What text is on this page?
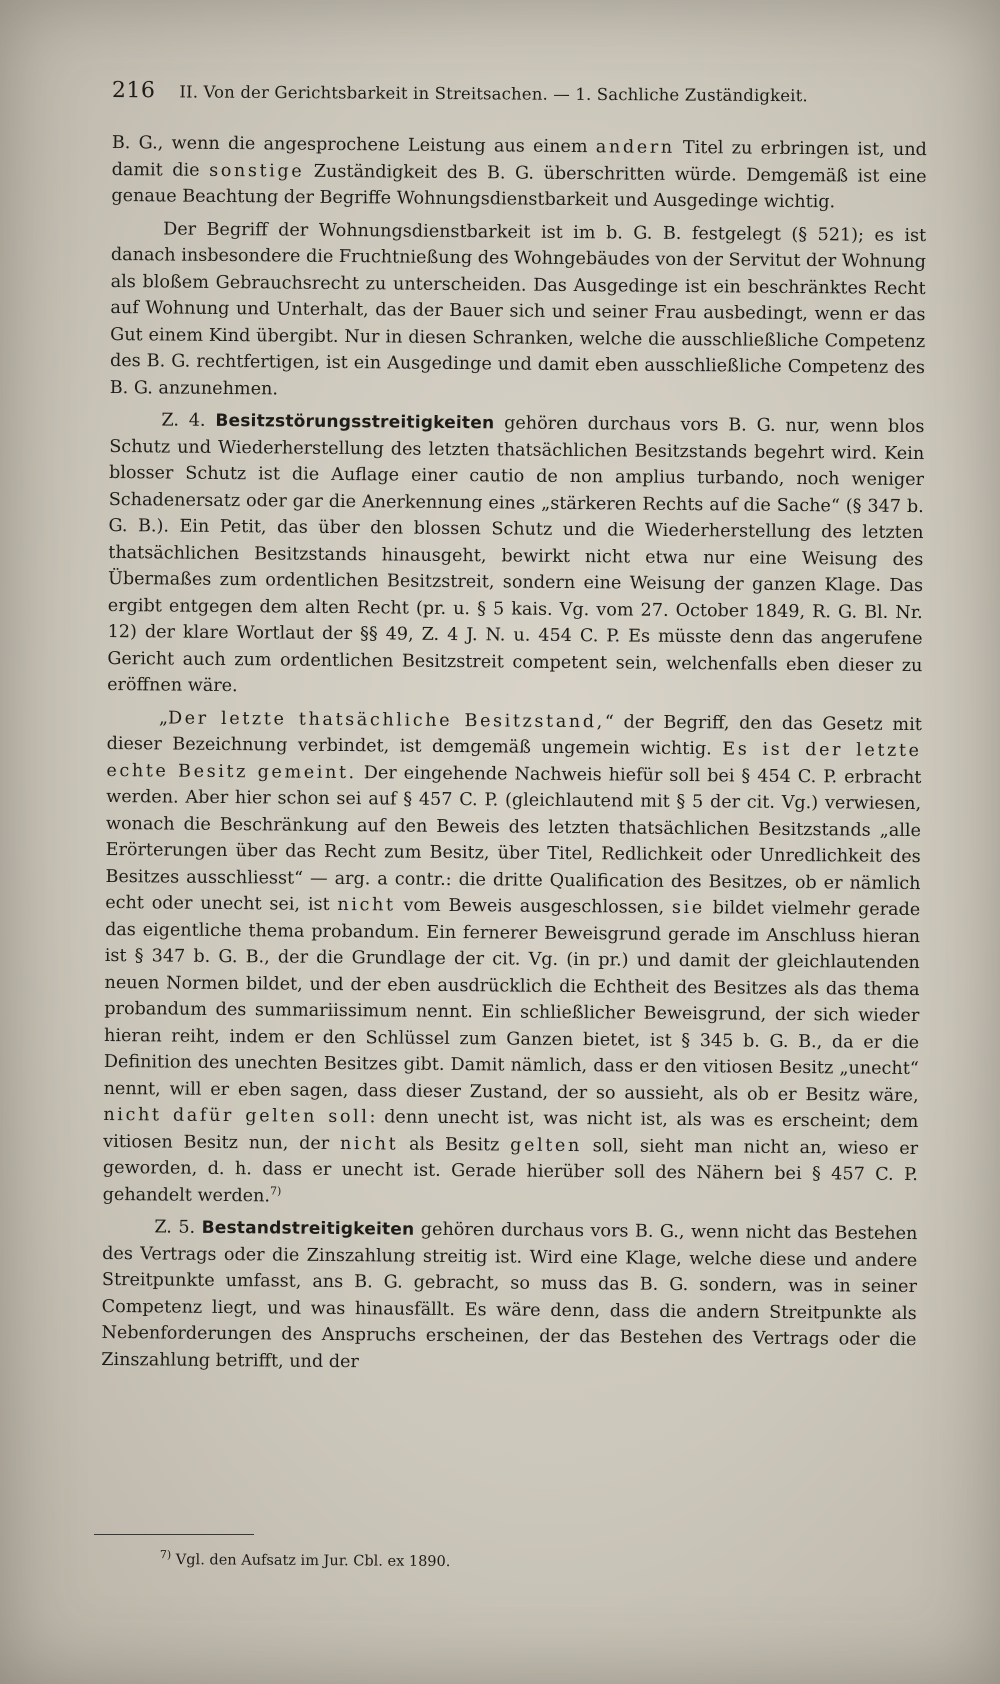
216 II. Von der Gerichtsbarkeit in Streitsachen. — 1. Sachliche Zuständigkeit.

B. G., wenn die angesprochene Leistung aus einem andern Titel zu erbringen ist, und damit die sonstige Zuständigkeit des B. G. überschritten würde. Demgemäß ist eine genaue Beachtung der Begriffe Wohnungsdienstbarkeit und Ausgedinge wichtig.

Der Begriff der Wohnungsdienstbarkeit ist im b. G. B. festgelegt (§ 521); es ist danach insbesondere die Fruchtnießung des Wohngebäudes von der Servitut der Wohnung als bloßem Gebrauchsrecht zu unterscheiden. Das Ausgedinge ist ein beschränktes Recht auf Wohnung und Unterhalt, das der Bauer sich und seiner Frau ausbedingt, wenn er das Gut einem Kind übergibt. Nur in diesen Schranken, welche die ausschließliche Competenz des B. G. rechtfertigen, ist ein Ausgedinge und damit eben ausschließliche Competenz des B. G. anzunehmen.

Z. 4. Besitzstörungsstreitigkeiten gehören durchaus vors B. G. nur, wenn blos Schutz und Wiederherstellung des letzten thatsächlichen Besitzstands begehrt wird. Kein blosser Schutz ist die Auflage einer cautio de non amplius turbando, noch weniger Schadenersatz oder gar die Anerkennung eines „stärkeren Rechts auf die Sache“ (§ 347 b. G. B.). Ein Petit, das über den blossen Schutz und die Wiederherstellung des letzten thatsächlichen Besitzstands hinausgeht, bewirkt nicht etwa nur eine Weisung des Übermaßes zum ordentlichen Besitzstreit, sondern eine Weisung der ganzen Klage. Das ergibt entgegen dem alten Recht (pr. u. § 5 kais. Vg. vom 27. October 1849, R. G. Bl. Nr. 12) der klare Wortlaut der §§ 49, Z. 4 J. N. u. 454 C. P. Es müsste denn das angerufene Gericht auch zum ordentlichen Besitzstreit competent sein, welchenfalls eben dieser zu eröffnen wäre.

„Der letzte thatsächliche Besitzstand,“ der Begriff, den das Gesetz mit dieser Bezeichnung verbindet, ist demgemäß ungemein wichtig. Es ist der letzte echte Besitz gemeint. Der eingehende Nachweis hiefür soll bei § 454 C. P. erbracht werden. Aber hier schon sei auf § 457 C. P. (gleichlautend mit § 5 der cit. Vg.) verwiesen, wonach die Beschränkung auf den Beweis des letzten thatsächlichen Besitzstands „alle Erörterungen über das Recht zum Besitz, über Titel, Redlichkeit oder Unredlichkeit des Besitzes ausschliesst“ — arg. a contr.: die dritte Qualification des Besitzes, ob er nämlich echt oder unecht sei, ist nicht vom Beweis ausgeschlossen, sie bildet vielmehr gerade das eigentliche thema probandum. Ein fernerer Beweisgrund gerade im Anschluss hieran ist § 347 b. G. B., der die Grundlage der cit. Vg. (in pr.) und damit der gleichlautenden neuen Normen bildet, und der eben ausdrücklich die Echtheit des Besitzes als das thema probandum des summariissimum nennt. Ein schließlicher Beweisgrund, der sich wieder hieran reiht, indem er den Schlüssel zum Ganzen bietet, ist § 345 b. G. B., da er die Definition des unechten Besitzes gibt. Damit nämlich, dass er den vitiosen Besitz „unecht“ nennt, will er eben sagen, dass dieser Zustand, der so aussieht, als ob er Besitz wäre, nicht dafür gelten soll: denn unecht ist, was nicht ist, als was es erscheint; dem vitiosen Besitz nun, der nicht als Besitz gelten soll, sieht man nicht an, wieso er geworden, d. h. dass er unecht ist. Gerade hierüber soll des Nähern bei § 457 C. P. gehandelt werden.$^{7)}$

Z. 5. Bestandstreitigkeiten gehören durchaus vors B. G., wenn nicht das Bestehen des Vertrags oder die Zinszahlung streitig ist. Wird eine Klage, welche diese und andere Streitpunkte umfasst, ans B. G. gebracht, so muss das B. G. sondern, was in seiner Competenz liegt, und was hinausfällt. Es wäre denn, dass die andern Streitpunkte als Nebenforderungen des Anspruchs erscheinen, der das Bestehen des Vertrags oder die Zinszahlung betrifft, und der

$^{7)}$ Vgl. den Aufsatz im Jur. Cbl. ex 1890.
